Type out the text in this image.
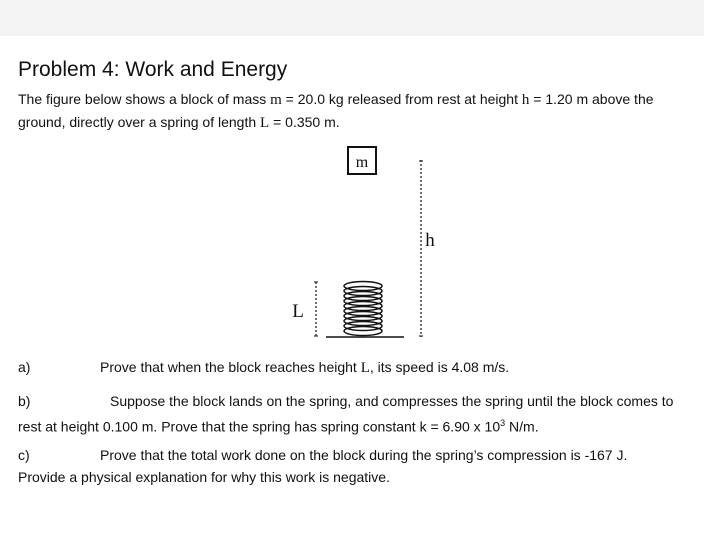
Problem 4: Work and Energy
The figure below shows a block of mass m = 20.0 kg released from rest at height h = 1.20 m above the ground, directly over a spring of length L = 0.350 m.
m
h
L
a)	Prove that when the block reaches height L, its speed is 4.08 m/s.
b)	Suppose the block lands on the spring, and compresses the spring until the block comes to
rest at height 0.100 m. Prove that the spring has spring constant k = 6.90 x $10^3$ N/m.
c)	Prove that the total work done on the block during the spring’s compression is -167 J.
Provide a physical explanation for why this work is negative.
